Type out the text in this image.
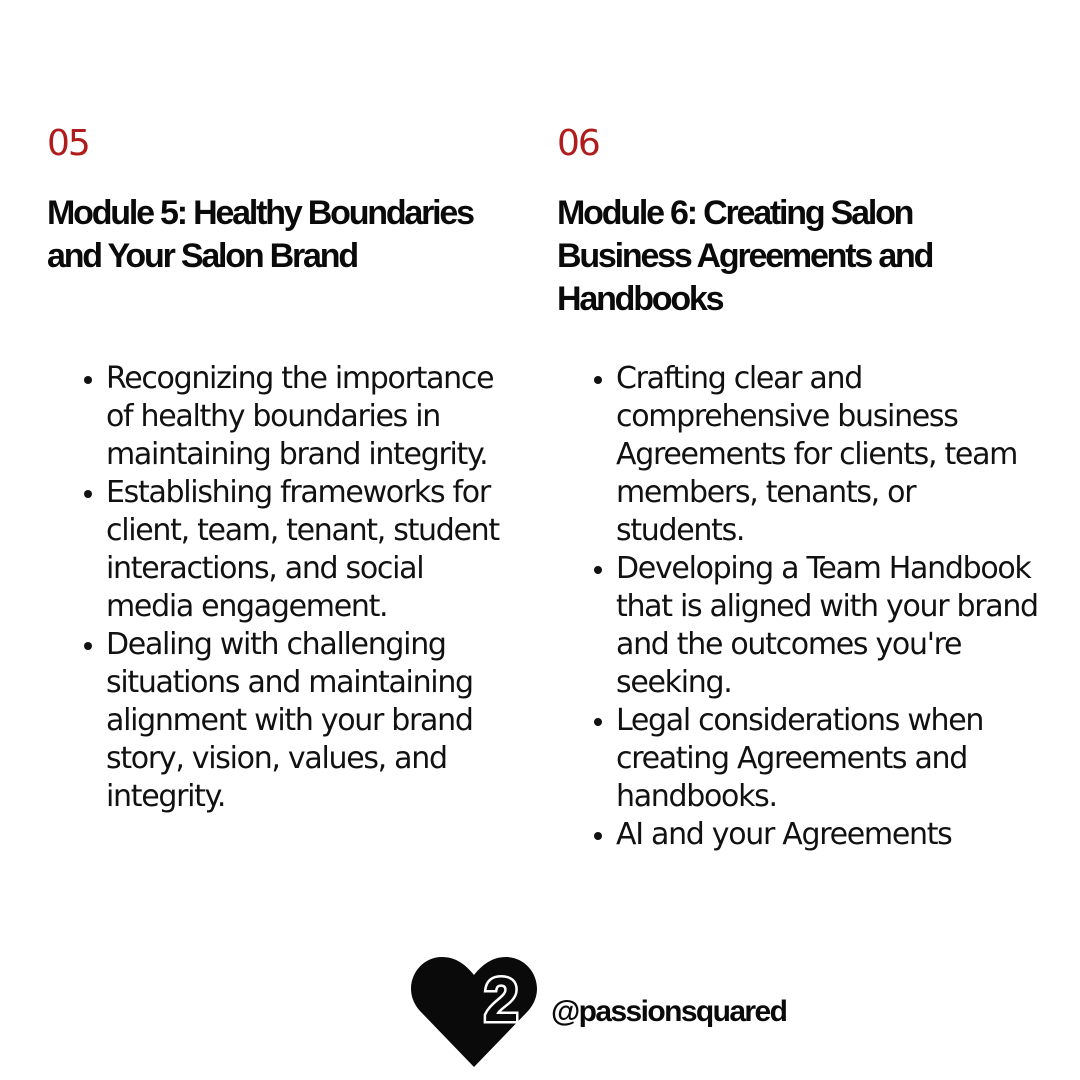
05

Module 5: Healthy Boundaries and Your Salon Brand
Recognizing the importance of healthy boundaries in maintaining brand integrity.
Establishing frameworks for client, team, tenant, student interactions, and social media engagement.
Dealing with challenging situations and maintaining alignment with your brand story, vision, values, and integrity.

06

Module 6: Creating Salon Business Agreements and Handbooks
Crafting clear and comprehensive business Agreements for clients, team members, tenants, or students.
Developing a Team Handbook that is aligned with your brand and the outcomes you're seeking.
Legal considerations when creating Agreements and handbooks.
AI and your Agreements
2 @passionsquared
